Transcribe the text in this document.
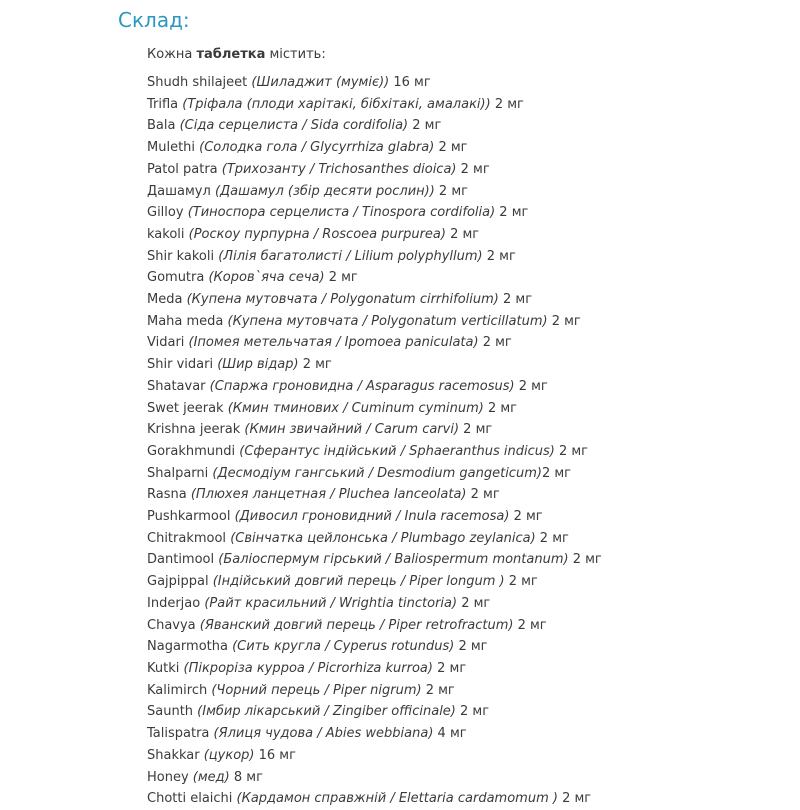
Склад:

Кожна таблетка містить:

Shudh shilajeet (Шиладжит (муміє)) 16 мг
Trifla (Тріфала (плоди харітакі, бібхітакі, амалакі)) 2 мг
Bala (Сіда серцелиста / Sida cordifolia) 2 мг
Mulethi (Солодка гола / Glycyrrhiza glabra) 2 мг
Patol patra (Трихозанту / Trichosanthes dioica) 2 мг
Дашамул (Дашамул (збір десяти рослин)) 2 мг
Gilloy (Тиноспора серцелиста / Tinospora cordifolia) 2 мг
kakoli (Роскоу пурпурна / Roscoea purpurea) 2 мг
Shir kakoli (Лілія багатолисті / Lilium polyphyllum) 2 мг
Gomutra (Коров`яча сеча) 2 мг
Meda (Купена мутовчата / Polygonatum cirrhifolium) 2 мг
Maha meda (Купена мутовчата / Polygonatum verticillatum) 2 мг
Vidari (Іпомея метельчатая / Ipomoea paniculata) 2 мг
Shir vidari (Шир відар) 2 мг
Shatavar (Спаржа гроновидна / Asparagus racemosus) 2 мг
Swet jeerak (Кмин тминових / Cuminum cyminum) 2 мг
Krishna jeerak (Кмин звичайний / Carum carvi) 2 мг
Gorakhmundi (Сферантус індійський / Sphaeranthus indicus) 2 мг
Shalparni (Десмодіум гангський / Desmodium gangeticum)2 мг
Rasna (Плюхея ланцетная / Pluchea lanceolata) 2 мг
Pushkarmool (Дивосил гроновидний / Inula racemosa) 2 мг
Chitrakmool (Свінчатка цейлонська / Plumbago zeylanica) 2 мг
Dantimool (Баліоспермум гірський / Baliospermum montanum) 2 мг
Gajpippal (Індійський довгий перець / Piper longum ) 2 мг
Inderjao (Райт красильний / Wrightia tinctoria) 2 мг
Chavya (Яванский довгий перець / Piper retrofractum) 2 мг
Nagarmotha (Сить кругла / Cyperus rotundus) 2 мг
Kutki (Пікроріза курроа / Picrorhiza kurroa) 2 мг
Kalimirch (Чорний перець / Piper nigrum) 2 мг
Saunth (Імбир лікарський / Zingiber officinale) 2 мг
Talispatra (Ялиця чудова / Abies webbiana) 4 мг
Shakkar (цукор) 16 мг
Honey (мед) 8 мг
Chotti elaichi (Кардамон справжній / Elettaria cardamomum ) 2 мг
